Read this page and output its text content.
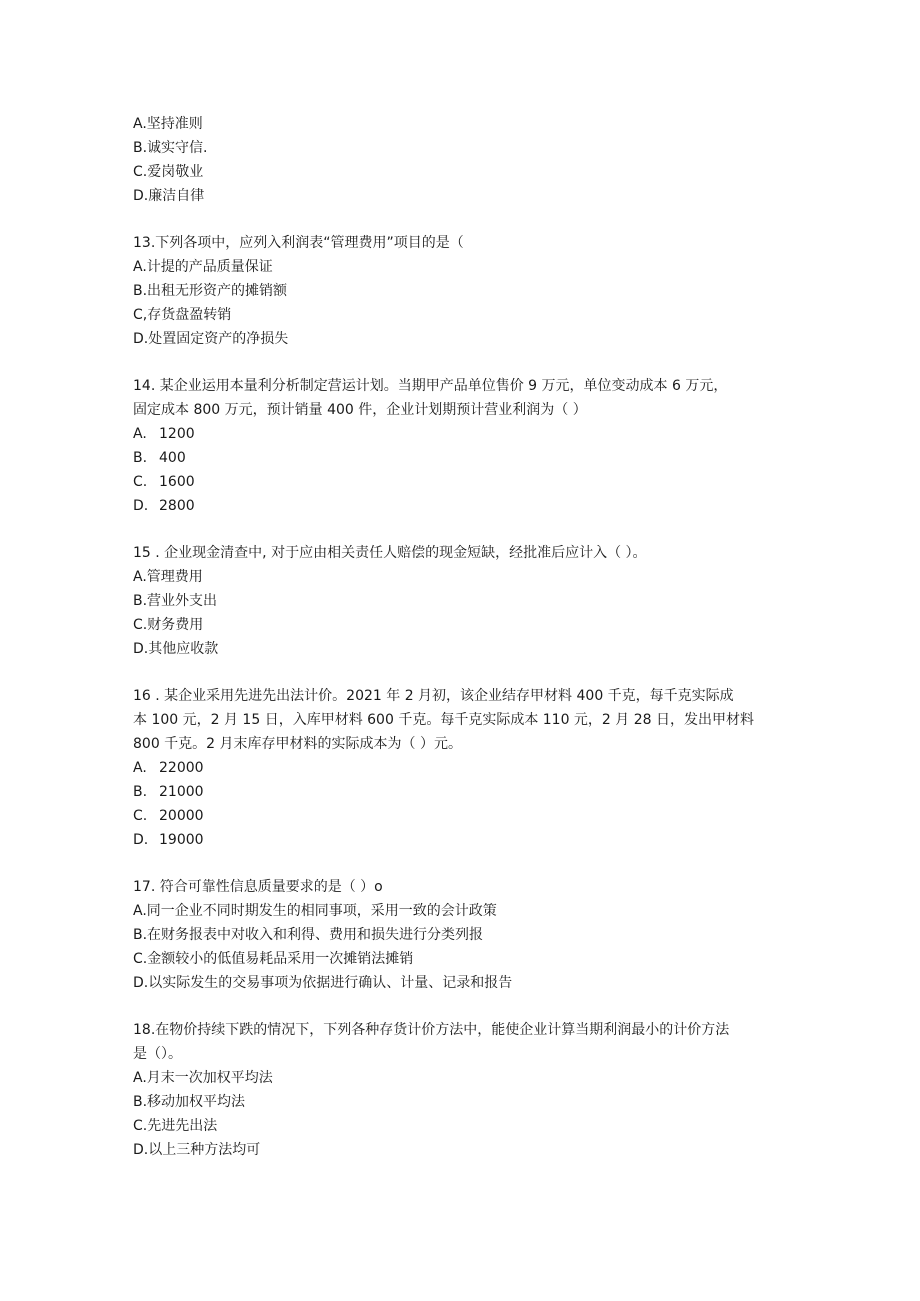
A.坚持准则
B.诚实守信.
C.爱岗敬业
D.廉洁自律
13.下列各项中，应列入利润表“管理费用”项目的是（
A.计提的产品质量保证
B.出租无形资产的摊销额
C,存货盘盈转销
D.处置固定资产的净损失
14. 某企业运用本量利分析制定营运计划。当期甲产品单位售价 9 万元，单位变动成本 6 万元，
固定成本 800 万元，预计销量 400 件，企业计划期预计营业利润为（ ）
A. 1200
B. 400
C. 1600
D. 2800
15 . 企业现金清查中, 对于应由相关责任人赔偿的现金短缺，经批准后应计入（ ）。
A.管理费用
B.营业外支出
C.财务费用
D.其他应收款
16 . 某企业采用先进先出法计价。2021 年 2 月初，该企业结存甲材料 400 千克，每千克实际成
本 100 元，2 月 15 日，入库甲材料 600 千克。每千克实际成本 110 元，2 月 28 日，发出甲材料
800 千克。2 月末库存甲材料的实际成本为（ ）元。
A. 22000
B. 21000
C. 20000
D. 19000
17. 符合可靠性信息质量要求的是（ ）o
A.同一企业不同时期发生的相同事项，采用一致的会计政策
B.在财务报表中对收入和利得、费用和损失进行分类列报
C.金额较小的低值易耗品采用一次摊销法摊销
D.以实际发生的交易事项为依据进行确认、计量、记录和报告
18.在物价持续下跌的情况下，下列各种存货计价方法中，能使企业计算当期利润最小的计价方法
是（）。
A.月末一次加权平均法
B.移动加权平均法
C.先进先出法
D.以上三种方法均可
